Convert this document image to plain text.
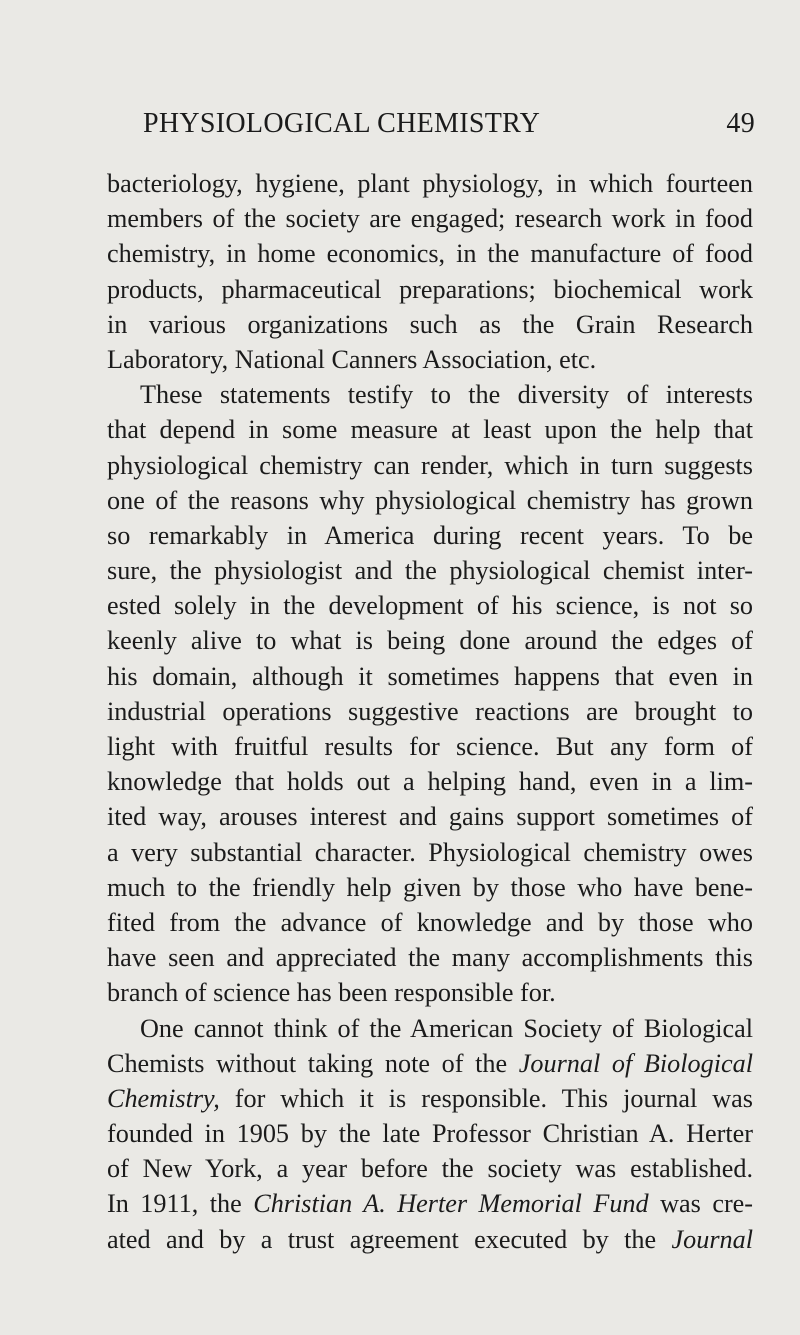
PHYSIOLOGICAL CHEMISTRY	49
bacteriology, hygiene, plant physiology, in which fourteen
members of the society are engaged; research work in food
chemistry, in home economics, in the manufacture of food
products, pharmaceutical preparations; biochemical work
in various organizations such as the Grain Research
Laboratory, National Canners Association, etc.
These statements testify to the diversity of interests
that depend in some measure at least upon the help that
physiological chemistry can render, which in turn suggests
one of the reasons why physiological chemistry has grown
so remarkably in America during recent years. To be
sure, the physiologist and the physiological chemist inter-
ested solely in the development of his science, is not so
keenly alive to what is being done around the edges of
his domain, although it sometimes happens that even in
industrial operations suggestive reactions are brought to
light with fruitful results for science. But any form of
knowledge that holds out a helping hand, even in a lim-
ited way, arouses interest and gains support sometimes of
a very substantial character. Physiological chemistry owes
much to the friendly help given by those who have bene-
fited from the advance of knowledge and by those who
have seen and appreciated the many accomplishments this
branch of science has been responsible for.
One cannot think of the American Society of Biological
Chemists without taking note of the Journal of Biological
Chemistry, for which it is responsible. This journal was
founded in 1905 by the late Professor Christian A. Herter
of New York, a year before the society was established.
In 1911, the Christian A. Herter Memorial Fund was cre-
ated and by a trust agreement executed by the Journal
